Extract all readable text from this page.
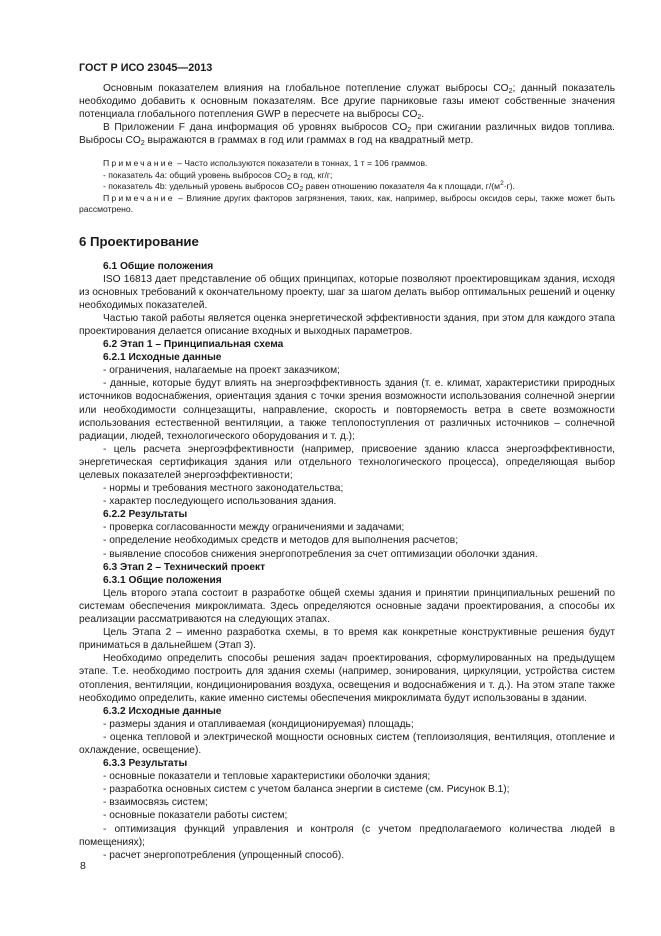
ГОСТ Р ИСО 23045—2013

Основным показателем влияния на глобальное потепление служат выбросы $CO_2$; данный показатель необходимо добавить к основным показателям. Все другие парниковые газы имеют собственные значения потенциала глобального потепления GWP в пересчете на выбросы $CO_2$.

В Приложении F дана информация об уровнях выбросов $CO_2$ при сжигании различных видов топлива. Выбросы $CO_2$ выражаются в граммах в год или граммах в год на квадратный метр.

Примечание – Часто используются показатели в тоннах, 1 т = 106 граммов.

- показатель 4a: общий уровень выбросов $CO_2$ в год, кг/г;

- показатель 4b: удельный уровень выбросов $CO_2$ равен отношению показателя 4a к площади, $г/(м^2\cdot г)$.

Примечание – Влияние других факторов загрязнения, таких, как, например, выбросы оксидов серы, также может быть рассмотрено.

6 Проектирование
6.1 Общие положения

ISO 16813 дает представление об общих принципах, которые позволяют проектировщикам здания, исходя из основных требований к окончательному проекту, шаг за шагом делать выбор оптимальных решений и оценку необходимых показателей.

Частью такой работы является оценка энергетической эффективности здания, при этом для каждого этапа проектирования делается описание входных и выходных параметров.

6.2 Этап 1 – Принципиальная схема
6.2.1 Исходные данные

- ограничения, налагаемые на проект заказчиком;

- данные, которые будут влиять на энергоэффективность здания (т. е. климат, характеристики природных источников водоснабжения, ориентация здания с точки зрения возможности использования солнечной энергии или необходимости солнцезащиты, направление, скорость и повторяемость ветра в свете возможности использования естественной вентиляции, а также теплопоступления от различных источников – солнечной радиации, людей, технологического оборудования и т. д.);

- цель расчета энергоэффективности (например, присвоение зданию класса энергоэффективности, энергетическая сертификация здания или отдельного технологического процесса), определяющая выбор целевых показателей энергоэффективности;

- нормы и требования местного законодательства;

- характер последующего использования здания.

6.2.2 Результаты

- проверка согласованности между ограничениями и задачами;

- определение необходимых средств и методов для выполнения расчетов;

- выявление способов снижения энергопотребления за счет оптимизации оболочки здания.

6.3 Этап 2 – Технический проект
6.3.1 Общие положения

Цель второго этапа состоит в разработке общей схемы здания и принятии принципиальных решений по системам обеспечения микроклимата. Здесь определяются основные задачи проектирования, а способы их реализации рассматриваются на следующих этапах.

Цель Этапа 2 – именно разработка схемы, в то время как конкретные конструктивные решения будут приниматься в дальнейшем (Этап 3).

Необходимо определить способы решения задач проектирования, сформулированных на предыдущем этапе. Т.е. необходимо построить для здания схемы (например, зонирования, циркуляции, устройства систем отопления, вентиляции, кондиционирования воздуха, освещения и водоснабжения и т. д.). На этом этапе также необходимо определить, какие именно системы обеспечения микроклимата будут использованы в здании.

6.3.2 Исходные данные

- размеры здания и отапливаемая (кондиционируемая) площадь;

- оценка тепловой и электрической мощности основных систем (теплоизоляция, вентиляция, отопление и охлаждение, освещение).

6.3.3 Результаты

- основные показатели и тепловые характеристики оболочки здания;

- разработка основных систем с учетом баланса энергии в системе (см. Рисунок В.1);

- взаимосвязь систем;

- основные показатели работы систем;

- оптимизация функций управления и контроля (с учетом предполагаемого количества людей в помещениях);

- расчет энергопотребления (упрощенный способ).

8
